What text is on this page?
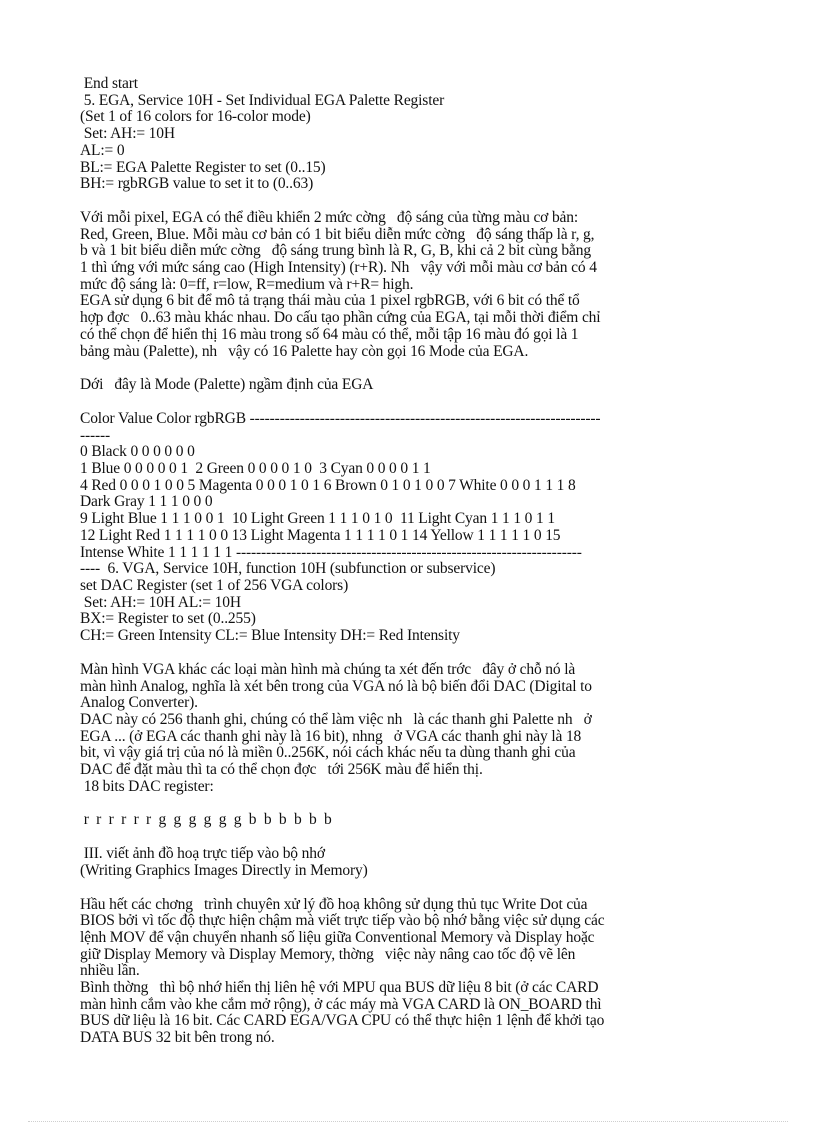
End start
5. EGA, Service 10H - Set Individual EGA Palette Register
(Set 1 of 16 colors for 16-color mode)
Set: AH:= 10H
AL:= 0
BL:= EGA Palette Register to set (0..15)
BH:= rgbRGB value to set it to (0..63)
Với mỗi pixel, EGA có thể điều khiển 2 mức cờng   độ sáng của từng màu cơ bản:
Red, Green, Blue. Mỗi màu cơ bản có 1 bit biểu diễn mức cờng   độ sáng thấp là r, g,
b và 1 bit biểu diễn mức cờng   độ sáng trung bình là R, G, B, khi cả 2 bit cùng bằng
1 thì ứng với mức sáng cao (High Intensity) (r+R). Nh   vậy với mỗi màu cơ bản có 4
mức độ sáng là: 0=ff, r=low, R=medium và r+R= high.
EGA sử dụng 6 bit để mô tả trạng thái màu của 1 pixel rgbRGB, với 6 bit có thể tổ
hợp đợc   0..63 màu khác nhau. Do cấu tạo phần cứng của EGA, tại mỗi thời điểm chỉ
có thể chọn để hiển thị 16 màu trong số 64 màu có thể, mỗi tập 16 màu đó gọi là 1
bảng màu (Palette), nh   vậy có 16 Palette hay còn gọi 16 Mode của EGA.
Dới   đây là Mode (Palette) ngầm định của EGA
Color Value Color rgbRGB ----------------------------------------------------------------------
------
0 Black 0 0 0 0 0 0
1 Blue 0 0 0 0 0 1  2 Green 0 0 0 0 1 0  3 Cyan 0 0 0 0 1 1
4 Red 0 0 0 1 0 0 5 Magenta 0 0 0 1 0 1 6 Brown 0 1 0 1 0 0 7 White 0 0 0 1 1 1 8
Dark Gray 1 1 1 0 0 0
9 Light Blue 1 1 1 0 0 1  10 Light Green 1 1 1 0 1 0  11 Light Cyan 1 1 1 0 1 1
12 Light Red 1 1 1 1 0 0 13 Light Magenta 1 1 1 1 0 1 14 Yellow 1 1 1 1 1 0 15
Intense White 1 1 1 1 1 1 ---------------------------------------------------------------------
----  6. VGA, Service 10H, function 10H (subfunction or subservice)
set DAC Register (set 1 of 256 VGA colors)
Set: AH:= 10H AL:= 10H
BX:= Register to set (0..255)
CH:= Green Intensity CL:= Blue Intensity DH:= Red Intensity
Màn hình VGA khác các loại màn hình mà chúng ta xét đến trớc   đây ở chỗ nó là
màn hình Analog, nghĩa là xét bên trong của VGA nó là bộ biến đổi DAC (Digital to
Analog Converter).
DAC này có 256 thanh ghi, chúng có thể làm việc nh   là các thanh ghi Palette nh   ở
EGA ... (ở EGA các thanh ghi này là 16 bit), nhng   ở VGA các thanh ghi này là 18
bit, vì vậy giá trị của nó là miền 0..256K, nói cách khác nếu ta dùng thanh ghi của
DAC để đặt màu thì ta có thể chọn đợc   tới 256K màu để hiển thị.
18 bits DAC register:
r  r  r  r  r  r  g  g  g  g  g  g  b  b  b  b  b  b
III. viết ảnh đồ hoạ trực tiếp vào bộ nhớ
(Writing Graphics Images Directly in Memory)
Hầu hết các chơng   trình chuyên xử lý đồ hoạ không sử dụng thủ tục Write Dot của
BIOS bởi vì tốc độ thực hiện chậm mà viết trực tiếp vào bộ nhớ bằng việc sử dụng các
lệnh MOV để vận chuyển nhanh số liệu giữa Conventional Memory và Display hoặc
giữ Display Memory và Display Memory, thờng   việc này nâng cao tốc độ vẽ lên
nhiều lần.
Bình thờng   thì bộ nhớ hiển thị liên hệ với MPU qua BUS dữ liệu 8 bit (ở các CARD
màn hình cắm vào khe cắm mở rộng), ở các máy mà VGA CARD là ON_BOARD thì
BUS dữ liệu là 16 bit. Các CARD EGA/VGA CPU có thể thực hiện 1 lệnh để khởi tạo
DATA BUS 32 bit bên trong nó.
